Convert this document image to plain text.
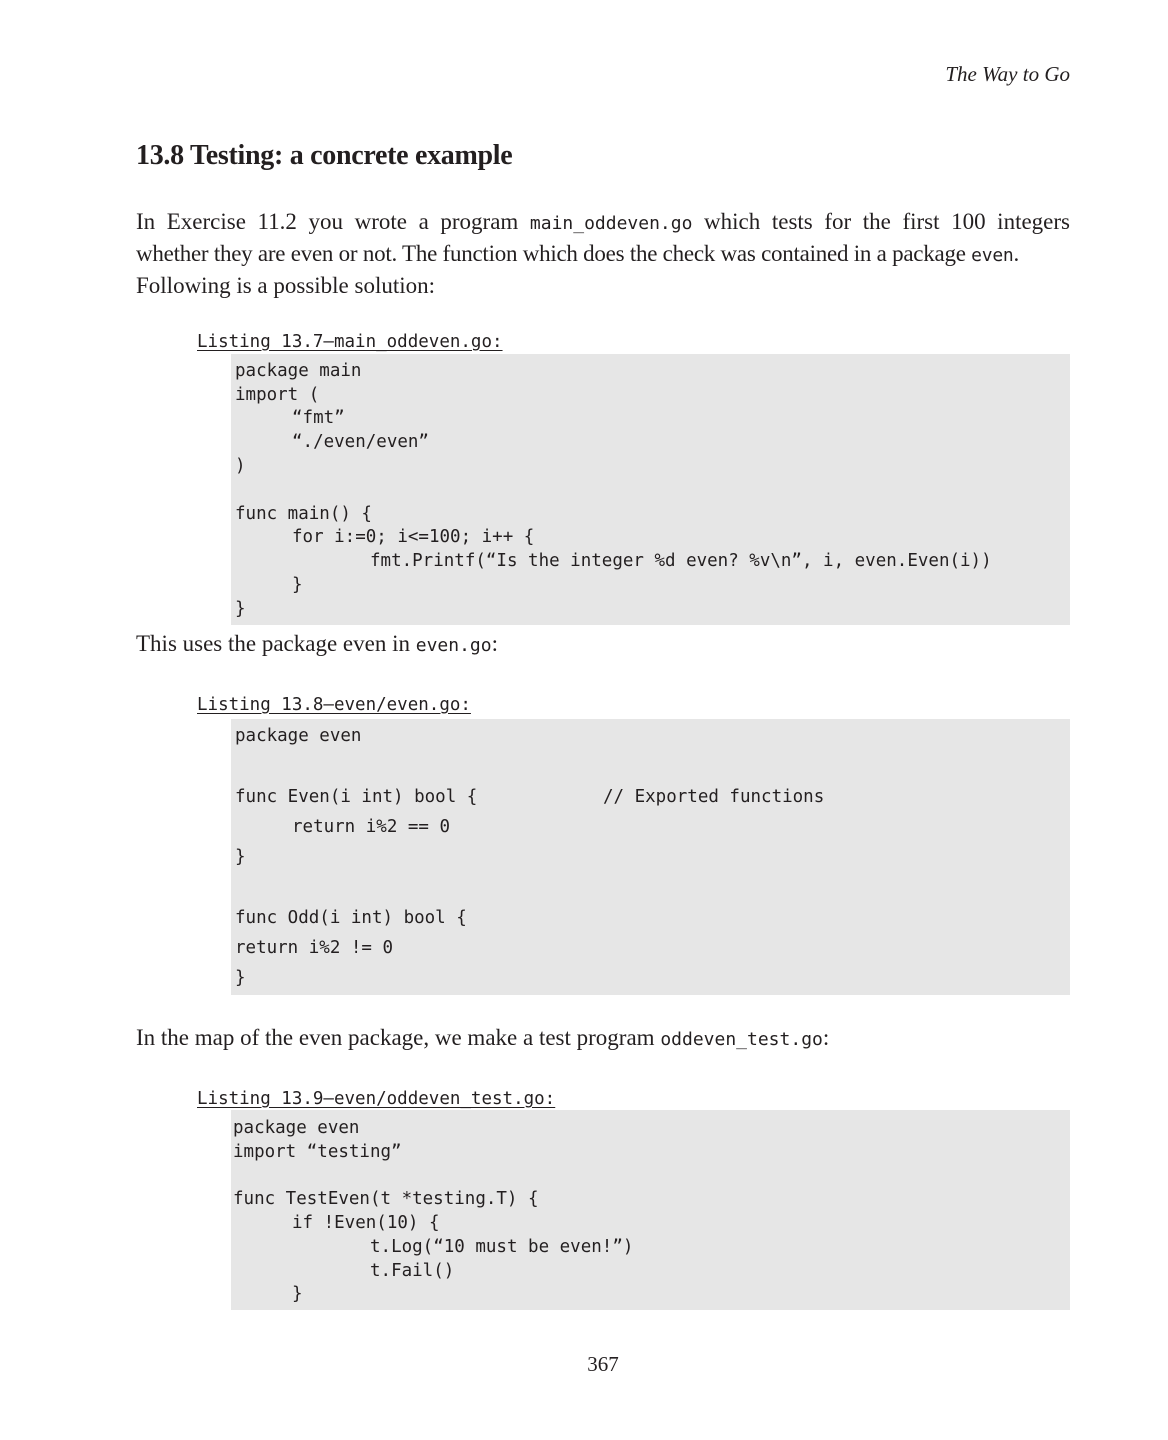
The Way to Go
13.8 Testing: a concrete example
In Exercise 11.2 you wrote a program main_oddeven.go which tests for the first 100 integers
whether they are even or not. The function which does the check was contained in a package even.
Following is a possible solution:
Listing 13.7—main_oddeven.go:
package main
import (
“fmt”
“./even/even”
)
func main() {
for i:=0; i<=100; i++ {
fmt.Printf(“Is the integer %d even? %v\n”, i, even.Even(i))
}
}
This uses the package even in even.go:
Listing 13.8—even/even.go:
package even
func Even(i int) bool {	// Exported functions
return i%2 == 0
}
func Odd(i int) bool {
return i%2 != 0
}
In the map of the even package, we make a test program oddeven_test.go:
Listing 13.9—even/oddeven_test.go:
package even
import “testing”
func TestEven(t *testing.T) {
if !Even(10) {
t.Log(“10 must be even!”)
t.Fail()
}
367
